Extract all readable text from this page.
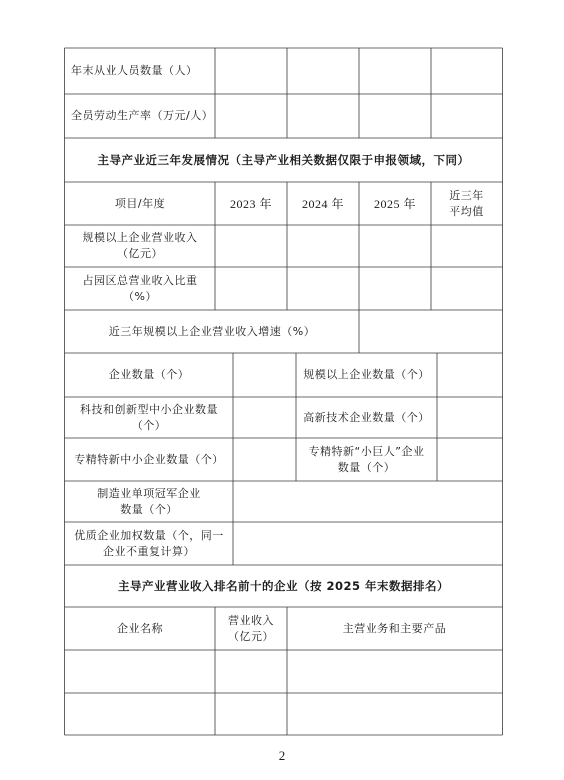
年末从业人员数量（人）
全员劳动生产率（万元/人）
主导产业近三年发展情况（主导产业相关数据仅限于申报领域，下同）
项目/年度	2023 年 2024 年 2025 年
近三年
平均值
规模以上企业营业收入
（亿元）
占园区总营业收入比重
（%）
近三年规模以上企业营业收入增速（%）
企业数量（个）	规模以上企业数量（个）
科技和创新型中小企业数量
（个）
高新技术企业数量（个）
专精特新中小企业数量（个）
专精特新“小巨人”企业
数量（个）
制造业单项冠军企业
数量（个）
优质企业加权数量（个，同一
企业不重复计算）
主导产业营业收入排名前十的企业（按 2025 年末数据排名）
企业名称
营业收入
（亿元）
主营业务和主要产品
2
